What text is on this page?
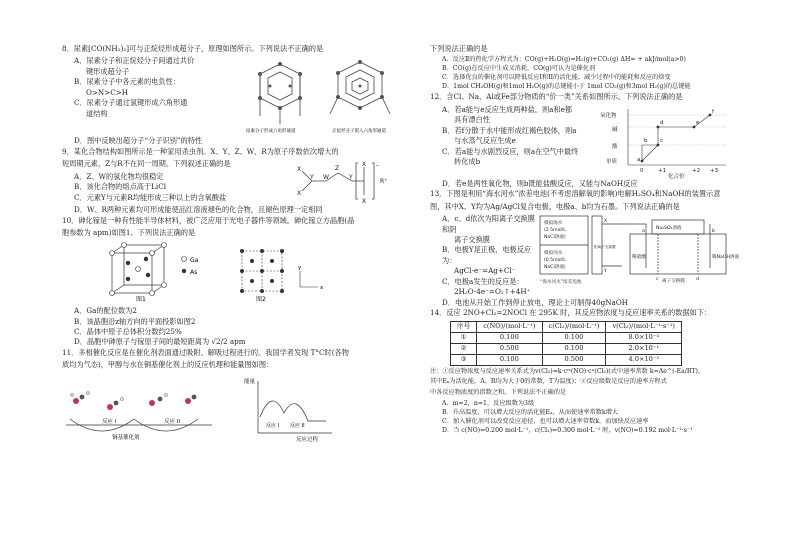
8．尿素[CO(NH₂)₂]可与正烷烃形成超分子，原理如图所示。下列说法不正确的是
A．尿素分子和正烷烃分子间通过共价
键形成超分子
B．尿素分子中各元素的电负性：
O>N>C>H
C．尿素分子通过氢键形成六角形通
道结构
尿素分子形成六角形通道	正烷烃分子嵌入六角形通道
D．图中反映出超分子“分子识别”的特性
9．某化合物结构如图所示是一种家用杀虫剂。X、Y、Z、W、R为原子序数依次增大的
短周期元素，Z与R不在同一周期。下列叙述正确的是
A．Z、W的氢化物均很稳定
B．该化合物的熔点高于LiCl
C．元素Y与元素R均能形成三种以上的含氧酸盐
X
X
Y W
Z
Y
X
X
–
R⁺
D．W、R两种元素均可形成能使品红溶液褪色的化合物，且褪色原理一定相同
10．砷化镓是一种有性能半导体材料，被广泛应用于光电子器件等领域。砷化镓立方晶胞(晶
胞参数为 apm)如图1。下列说法正确的是
Ga
As
图1	图2
x
y
A．Ga的配位数为2
B．该晶胞沿z轴方向的平面投影如图2
C．晶体中原子总体积分数约25%
D．晶胞中砷原子与镓原子间的最短距离为 √2/2 apm
11．多相催化反应是在催化剂表面通过吸附、解吸过程进行的。我国学者发现 T°C时(各物
质均为气态)，甲醇与水在铜基催化剂上的反应机理和能量图如图：
反应 I	反应 II
铜基催化剂
能量
反应过程
反应 I 反应 II
下列说法正确的是
A．反应Ⅱ的热化学方程式为：CO(g)+H₂O(g)=H₂(g)+CO₂(g) ΔH= + akJ/mol(a>0)
B．CO(g)在反应中生成又消耗，CO(g)可认为是催化剂
C．选择优良的催化剂可以降低反应I和II的活化能，减少过程中的能耗和反应的焓变
D．1mol CH₃OH(g)和1mol H₂O(g)的总键能小于 1mol CO₂(g)和3mol H₂(g)的总键能
12．含Cl、Na、Al或Fe部分物质的“价一类”关系如图所示。下列说法正确的是
A．若a能与e反应生成两种盐，则a和e都
具有漂白性
B．若f分散于水中能形成红褐色胶体，则a
与水蒸气反应生成e
C．若a能与水剧烈反应，则a在空气中最终
转化成b
氧化物
碱
酸
单质
0	+1	+2 +3
化合价
a
b c
d	e
f
D．若e是两性氧化物，则b既能盐酸反应，又能与NaOH反应
13．下图是利用“海水河水”浓差电池(不考虑溶解氧的影响)电解H₂SO₄和NaOH的装置示意
图，其中X、Y均为Ag/AgCl复合电极，电极a、b均为石墨。下列说法正确的是
A．c、d依次为阳离子交换膜和阴
离子交换膜
B．电极Y是正极，电极反应为：
AgCl-e⁻=Ag+Cl⁻
C．电极a发生的反应是：
2H₂O-4e⁻=O₂↑+4H⁺
模拟海水
(2.5mol/L
NaCl溶液)
模拟河水
(0.5mol/L
NaCl溶液)
“海水河水”浓差电池
Na₂SO₄溶液
稀硫酸	稀NaOH溶液
离子交换膜
X
Y
a	b
c	d
阳离子交换膜
D．电池从开始工作到停止放电，理论上可制得40gNaOH
14．反应 2NO+Cl₂=2NOCl 在 295K 时，其反应物浓度与反应速率关系的数据如下：
序号	c(NO)/(mol·L⁻¹)	c(Cl₂)/(mol·L⁻¹)	v(Cl₂)/(mol·L⁻¹·s⁻¹)
①	0.100	0.100	8.0×10⁻³
②	0.500	0.100	2.0×10⁻¹
③	0.100	0.500	4.0×10⁻²
注：①反应物浓度与反应速率关系式为v(Cl₂)=k·cᵐ(NO)·cⁿ(Cl₂)(式中速率常数 k=Ae^(-Ea/RT)，
其中Eₐ为活化能，A、R均为大于0的常数，T为温度)；②反应级数是反应的速率方程式
中各反应物浓度的指数之和。下列说法不正确的是
A．m=2，n=1，反应级数为3级
B．升高温度，可以增大反应的活化能Eₐ，从而使速率常数k增大
C．加入催化剂可以改变反应途径，也可以增大速率常数k，而加快反应速率
D．当 c(NO)=0.200 mol·L⁻¹，c(Cl₂)=0.300 mol·L⁻¹ 时，v(NO)=0.192 mol·L⁻¹·s⁻¹
